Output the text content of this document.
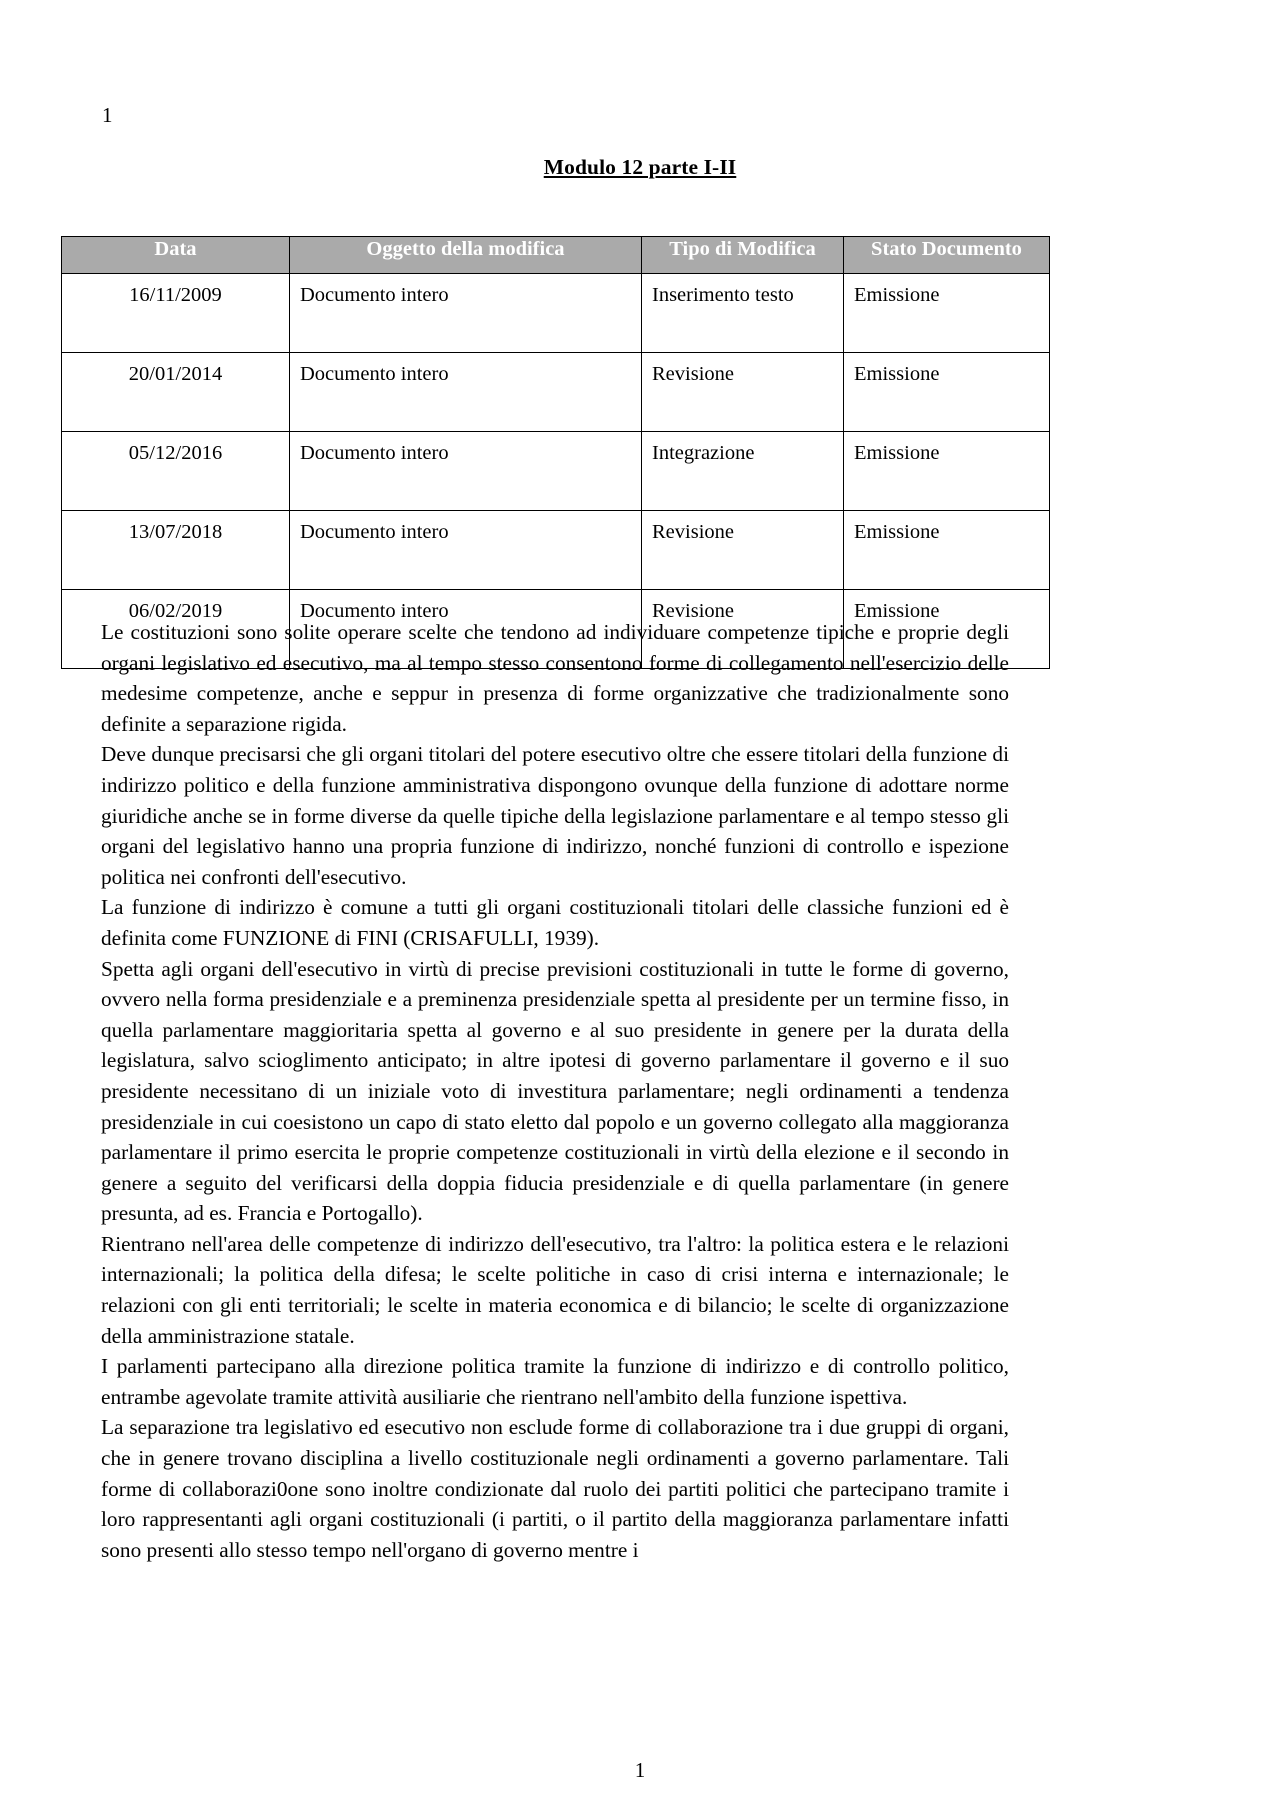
1
Modulo 12 parte I-II
Data	Oggetto della modifica	Tipo di Modifica	Stato Documento
16/11/2009	Documento intero	Inserimento testo	Emissione
20/01/2014	Documento intero	Revisione	Emissione
05/12/2016	Documento intero	Integrazione	Emissione
13/07/2018	Documento intero	Revisione	Emissione
06/02/2019	Documento intero	Revisione	Emissione

Le costituzioni sono solite operare scelte che tendono ad individuare competenze tipiche e proprie degli organi legislativo ed esecutivo, ma al tempo stesso consentono forme di collegamento nell'esercizio delle medesime competenze, anche e seppur in presenza di forme organizzative che tradizionalmente sono definite a separazione rigida.

Deve dunque precisarsi che gli organi titolari del potere esecutivo oltre che essere titolari della funzione di indirizzo politico e della funzione amministrativa dispongono ovunque della funzione di adottare norme giuridiche anche se in forme diverse da quelle tipiche della legislazione parlamentare e al tempo stesso gli organi del legislativo hanno una propria funzione di indirizzo, nonché funzioni di controllo e ispezione politica nei confronti dell'esecutivo.

La funzione di indirizzo è comune a tutti gli organi costituzionali titolari delle classiche funzioni ed è definita come FUNZIONE di FINI (CRISAFULLI, 1939).

Spetta agli organi dell'esecutivo in virtù di precise previsioni costituzionali in tutte le forme di governo, ovvero nella forma presidenziale e a preminenza presidenziale spetta al presidente per un termine fisso, in quella parlamentare maggioritaria spetta al governo e al suo presidente in genere per la durata della legislatura, salvo scioglimento anticipato; in altre ipotesi di governo parlamentare il governo e il suo presidente necessitano di un iniziale voto di investitura parlamentare; negli ordinamenti a tendenza presidenziale in cui coesistono un capo di stato eletto dal popolo e un governo collegato alla maggioranza parlamentare il primo esercita le proprie competenze costituzionali in virtù della elezione e il secondo in genere a seguito del verificarsi della doppia fiducia presidenziale e di quella parlamentare (in genere presunta, ad es. Francia e Portogallo).

Rientrano nell'area delle competenze di indirizzo dell'esecutivo, tra l'altro: la politica estera e le relazioni internazionali; la politica della difesa; le scelte politiche in caso di crisi interna e internazionale; le relazioni con gli enti territoriali; le scelte in materia economica e di bilancio; le scelte di organizzazione della amministrazione statale.

I parlamenti partecipano alla direzione politica tramite la funzione di indirizzo e di controllo politico, entrambe agevolate tramite attività ausiliarie che rientrano nell'ambito della funzione ispettiva.

La separazione tra legislativo ed esecutivo non esclude forme di collaborazione tra i due gruppi di organi, che in genere trovano disciplina a livello costituzionale negli ordinamenti a governo parlamentare. Tali forme di collaborazi0one sono inoltre condizionate dal ruolo dei partiti politici che partecipano tramite i loro rappresentanti agli organi costituzionali (i partiti, o il partito della maggioranza parlamentare infatti sono presenti allo stesso tempo nell'organo di governo mentre i

1
